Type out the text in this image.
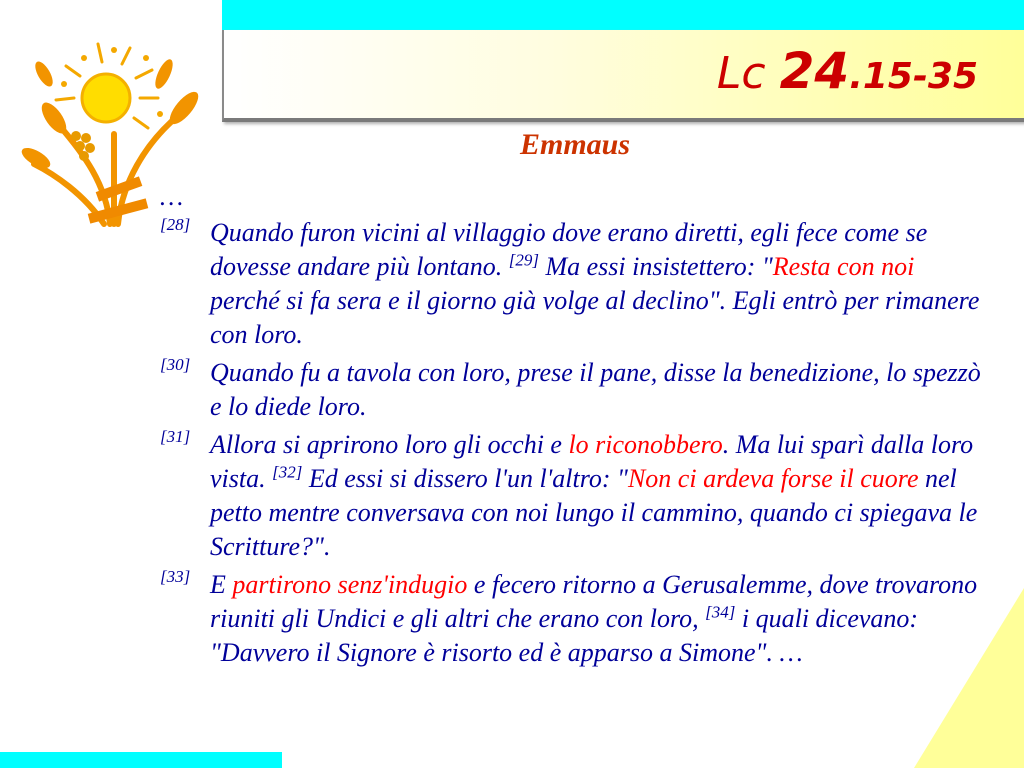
Lc 24.15-35
Emmaus

…

[28] Quando furon vicini al villaggio dove erano diretti, egli fece come se dovesse andare più lontano. [29] Ma essi insistettero: "Resta con noi perché si fa sera e il giorno già volge al declino". Egli entrò per rimanere con loro.

[30] Quando fu a tavola con loro, prese il pane, disse la benedizione, lo spezzò e lo diede loro.

[31] Allora si aprirono loro gli occhi e lo riconobbero. Ma lui sparì dalla loro vista. [32] Ed essi si dissero l'un l'altro: "Non ci ardeva forse il cuore nel petto mentre conversava con noi lungo il cammino, quando ci spiegava le Scritture?".

[33] E partirono senz'indugio e fecero ritorno a Gerusalemme, dove trovarono riuniti gli Undici e gli altri che erano con loro, [34] i quali dicevano: "Davvero il Signore è risorto ed è apparso a Simone". …
